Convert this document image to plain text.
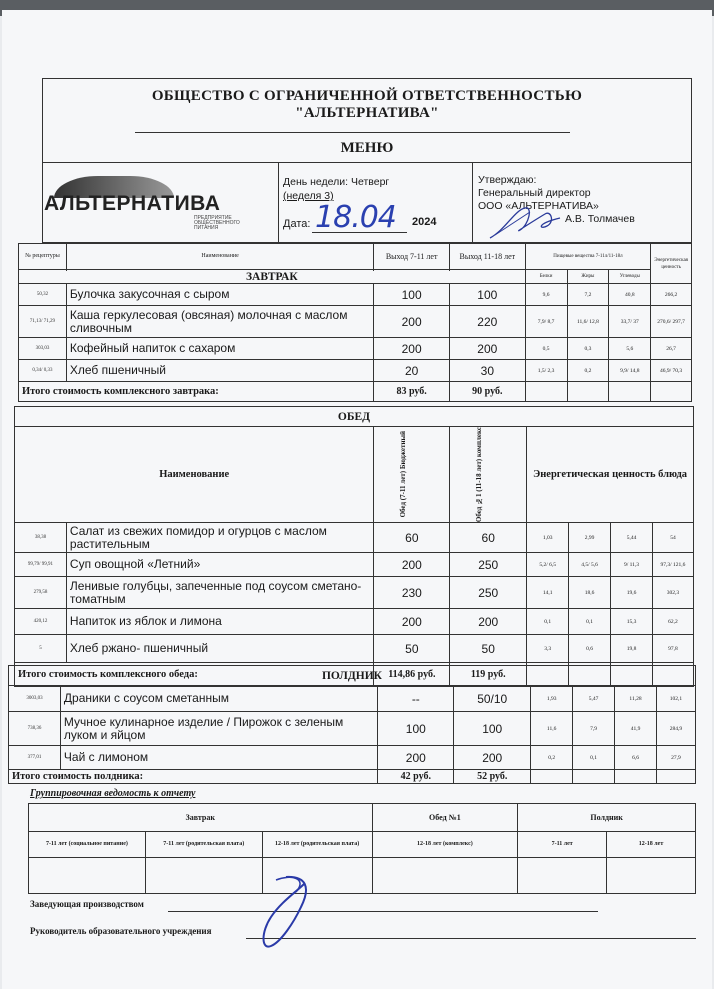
ОБЩЕСТВО С ОГРАНИЧЕННОЙ ОТВЕТСТВЕННОСТЬЮ
"АЛЬТЕРНАТИВА"
МЕНЮ
АЛЬТЕРНАТИВА
ПРЕДПРИЯТИЕ ОБЩЕСТВЕННОГО ПИТАНИЯ
День недели: Четверг
(неделя 3)
Дата: 18.04 2024
Утверждаю:
Генеральный директор
ООО «АЛЬТЕРНАТИВА»
А.В. Толмачев
№ рецептуры	Наименование	Выход 7-11 лет	Выход 11-18 лет	Пищевые вещества 7-11л/11-18л			Энергетическая ценность

ЗАВТРАК				Белки	Жиры	Углеводы	
50,32	Булочка закусочная с сыром	100	100	9,6	7,2	40,8	266,2
71,13/ 71,29	Каша геркулесовая (овсяная) молочная с маслом сливочным	200	220	7,9/ 8,7	11,6/ 12,8	33,7/ 37	270,6/ 297,7
303,03	Кофейный напиток с сахаром	200	200	0,5	0,3	5,6	26,7
0,34/ 0,33	Хлеб пшеничный	20	30	1,5/ 2,3	0,2	9,9/ 14,8	46,9/ 70,3
Итого стоимость комплексного завтрака:		83 руб.	90 руб.				
ОБЕД							
Наименование		Обед (7-11 лет) Бюджетный	Обед №1 (11-18 лет) комплекс	Энергетическая ценность блюда			
38,38	Салат из свежих помидор и огурцов с маслом растительным	60	60	1,03	2,99	5,44	54
99,79/ 99,91	Суп овощной «Летний»	200	250	5,2/ 6,5	4,5/ 5,6	9/ 11,3	97,3/ 121,6
279,58	Ленивые голубцы, запеченные под соусом сметано-томатным	230	250	14,1	18,6	19,6	302,3
420,12	Напиток из яблок и лимона	200	200	0,1	0,1	15,3	62,2
5	Хлеб ржано- пшеничный	50	50	3,3	0,6	19,8	97,8
Итого стоимость комплексного обеда:		114,86 руб.	119 руб.				
ПОЛДНИК							
3003,03	Драники с соусом сметанным	--	50/10	1,93	5,47	11,28	102,1
738,36	Мучное кулинарное изделие / Пирожок с зеленым луком и яйцом	100	100	11,6	7,9	41,9	284,9
377,01	Чай с лимоном	200	200	0,2	0,1	6,6	27,9
Итого стоимость полдника:		42 руб.	52 руб.				
Группировочная ведомость к отчету
Завтрак			Обед №1	Полдник	
7-11 лет (социальное питание)	7-11 лет (родительская плата)	12-18 лет (родительская плата)	12-18 лет (комплекс)	7-11 лет	12-18 лет

Заведующая производством
Руководитель образовательного учреждения
